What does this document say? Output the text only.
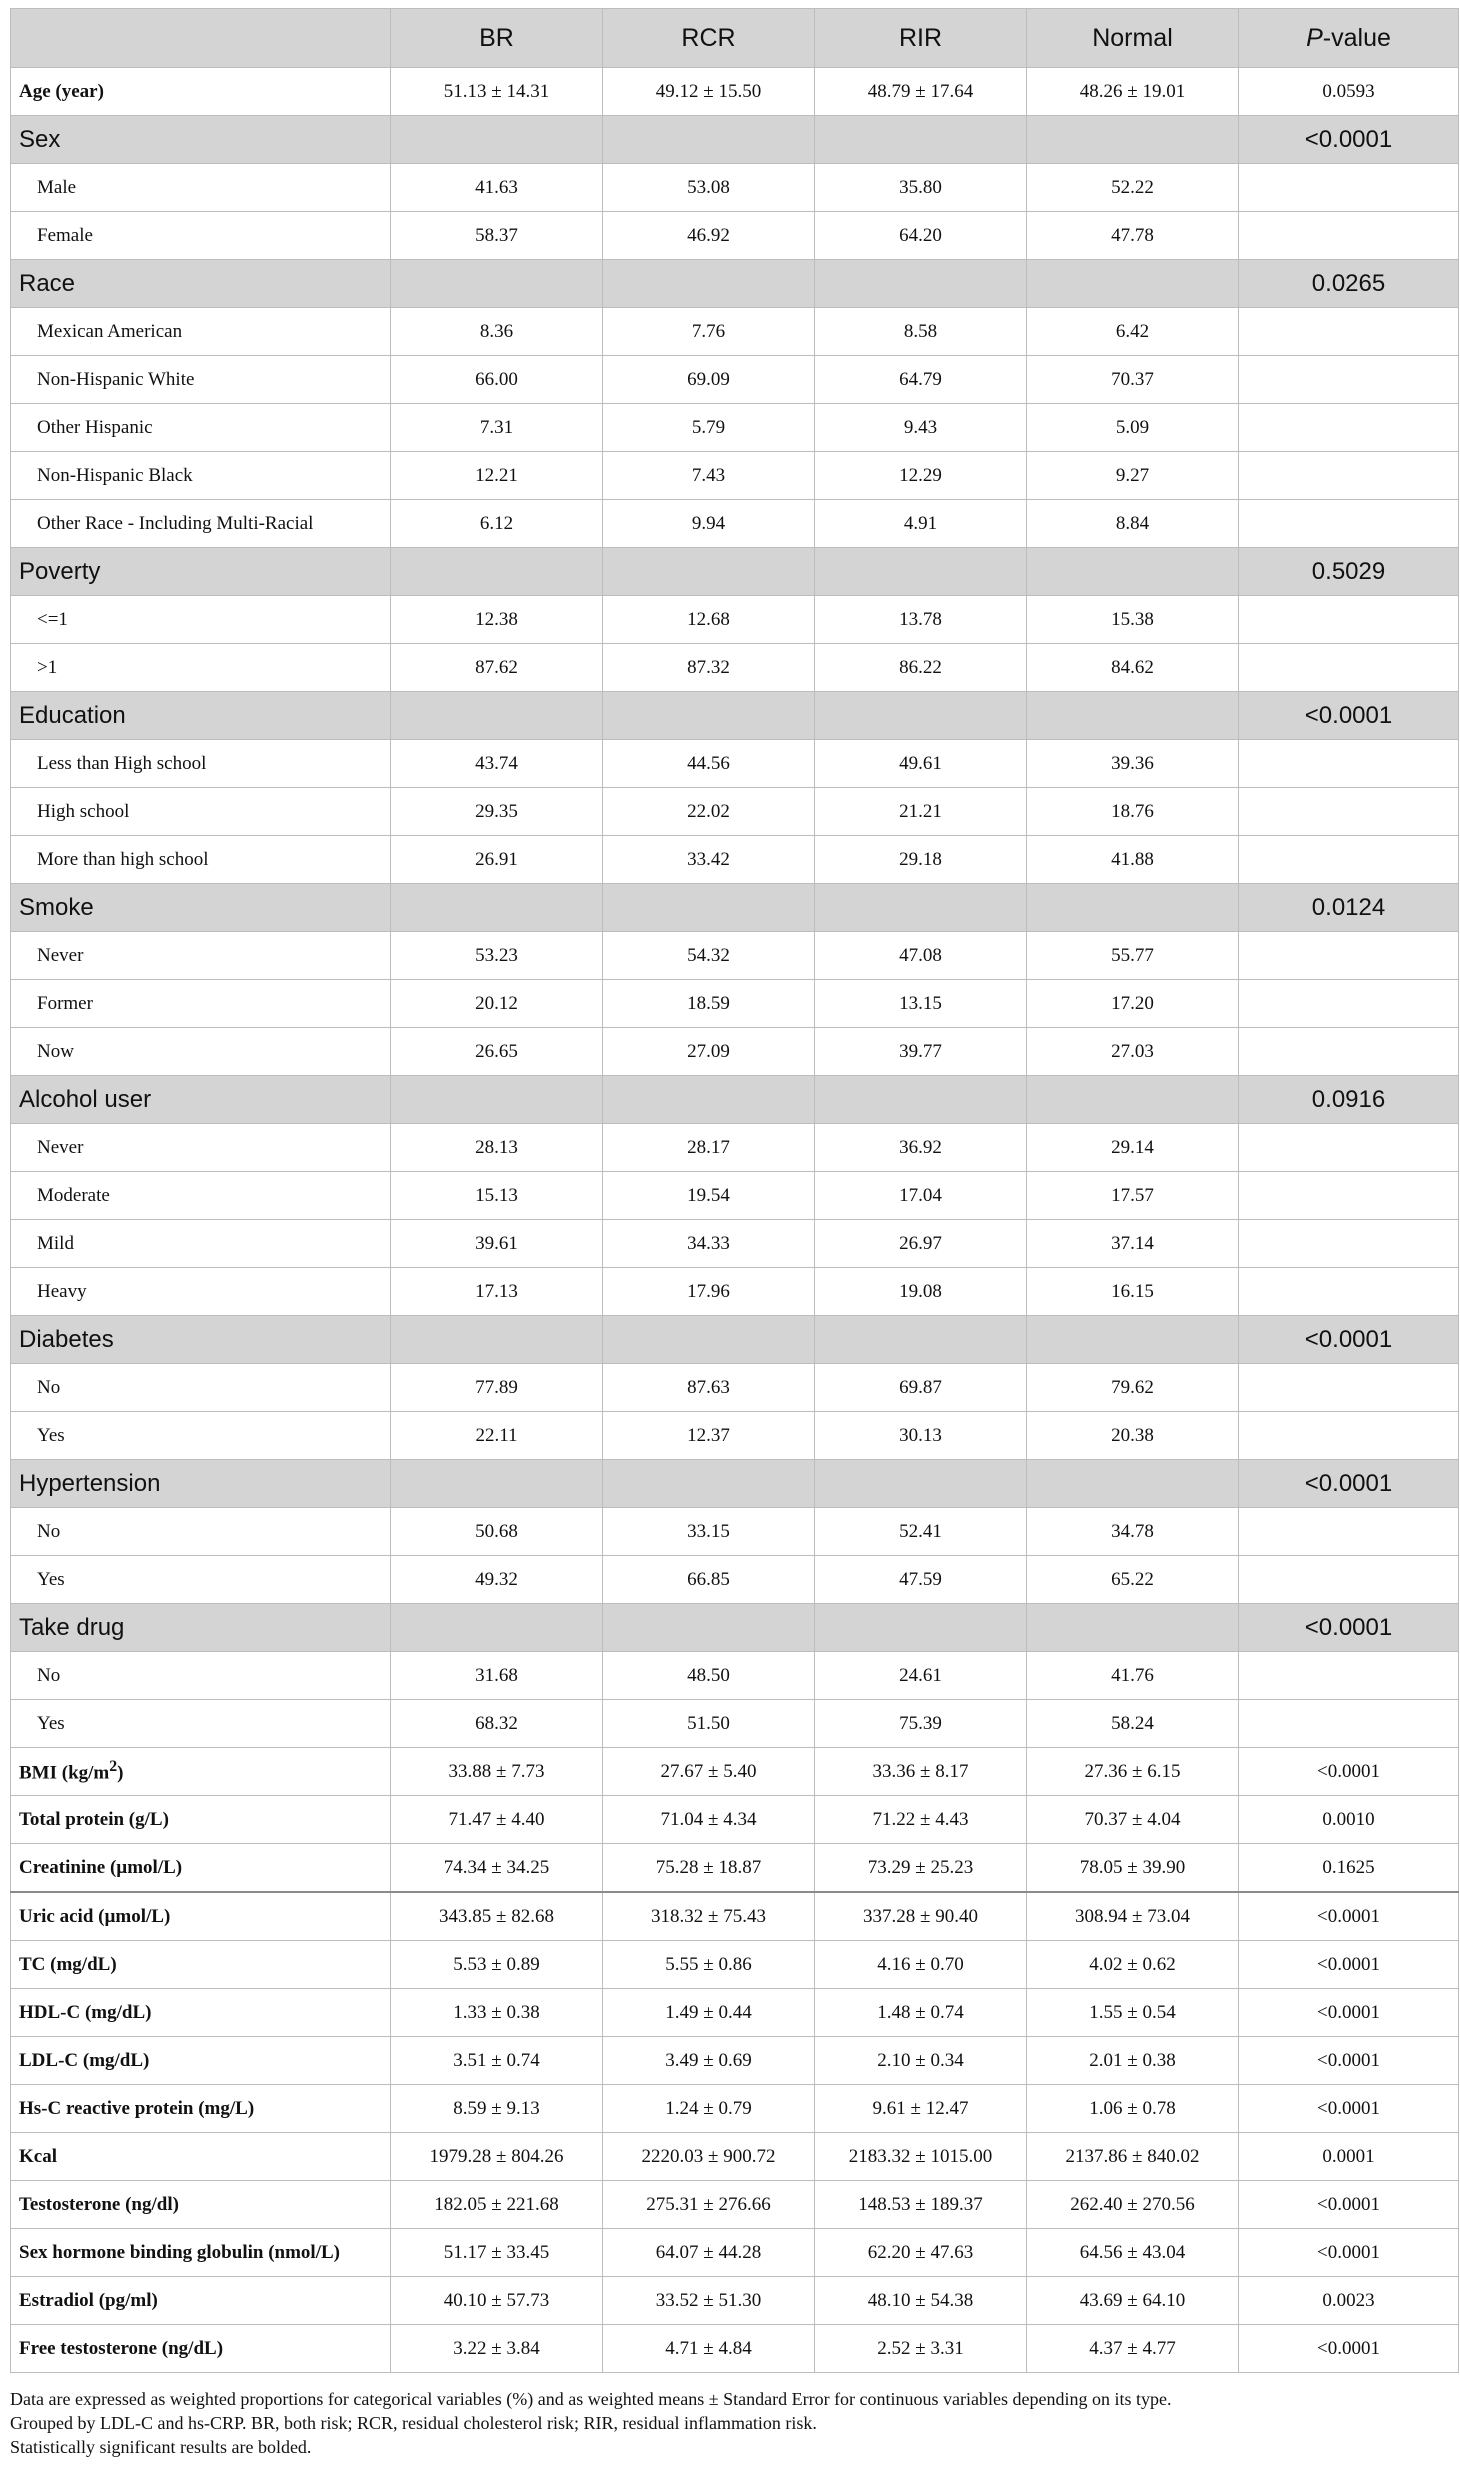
	BR	RCR	RIR	Normal	P-value
Age (year)	51.13 ± 14.31	49.12 ± 15.50	48.79 ± 17.64	48.26 ± 19.01	0.0593
Sex					<0.0001
Male	41.63	53.08	35.80	52.22	
Female	58.37	46.92	64.20	47.78	
Race					0.0265
Mexican American	8.36	7.76	8.58	6.42	
Non-Hispanic White	66.00	69.09	64.79	70.37	
Other Hispanic	7.31	5.79	9.43	5.09	
Non-Hispanic Black	12.21	7.43	12.29	9.27	
Other Race - Including Multi-Racial	6.12	9.94	4.91	8.84	
Poverty					0.5029
<=1	12.38	12.68	13.78	15.38	
>1	87.62	87.32	86.22	84.62	
Education					<0.0001
Less than High school	43.74	44.56	49.61	39.36	
High school	29.35	22.02	21.21	18.76	
More than high school	26.91	33.42	29.18	41.88	
Smoke					0.0124
Never	53.23	54.32	47.08	55.77	
Former	20.12	18.59	13.15	17.20	
Now	26.65	27.09	39.77	27.03	
Alcohol user					0.0916
Never	28.13	28.17	36.92	29.14	
Moderate	15.13	19.54	17.04	17.57	
Mild	39.61	34.33	26.97	37.14	
Heavy	17.13	17.96	19.08	16.15	
Diabetes					<0.0001
No	77.89	87.63	69.87	79.62	
Yes	22.11	12.37	30.13	20.38	
Hypertension					<0.0001
No	50.68	33.15	52.41	34.78	
Yes	49.32	66.85	47.59	65.22	
Take drug					<0.0001
No	31.68	48.50	24.61	41.76	
Yes	68.32	51.50	75.39	58.24	
BMI $(kg/m^2)$	33.88 ± 7.73	27.67 ± 5.40	33.36 ± 8.17	27.36 ± 6.15	<0.0001
Total protein (g/L)	71.47 ± 4.40	71.04 ± 4.34	71.22 ± 4.43	70.37 ± 4.04	0.0010
Creatinine (µmol/L)	74.34 ± 34.25	75.28 ± 18.87	73.29 ± 25.23	78.05 ± 39.90	0.1625
Uric acid (µmol/L)	343.85 ± 82.68	318.32 ± 75.43	337.28 ± 90.40	308.94 ± 73.04	<0.0001
TC (mg/dL)	5.53 ± 0.89	5.55 ± 0.86	4.16 ± 0.70	4.02 ± 0.62	<0.0001
HDL-C (mg/dL)	1.33 ± 0.38	1.49 ± 0.44	1.48 ± 0.74	1.55 ± 0.54	<0.0001
LDL-C (mg/dL)	3.51 ± 0.74	3.49 ± 0.69	2.10 ± 0.34	2.01 ± 0.38	<0.0001
Hs-C reactive protein (mg/L)	8.59 ± 9.13	1.24 ± 0.79	9.61 ± 12.47	1.06 ± 0.78	<0.0001
Kcal	1979.28 ± 804.26	2220.03 ± 900.72	2183.32 ± 1015.00	2137.86 ± 840.02	0.0001
Testosterone (ng/dl)	182.05 ± 221.68	275.31 ± 276.66	148.53 ± 189.37	262.40 ± 270.56	<0.0001
Sex hormone binding globulin (nmol/L)	51.17 ± 33.45	64.07 ± 44.28	62.20 ± 47.63	64.56 ± 43.04	<0.0001
Estradiol (pg/ml)	40.10 ± 57.73	33.52 ± 51.30	48.10 ± 54.38	43.69 ± 64.10	0.0023
Free testosterone (ng/dL)	3.22 ± 3.84	4.71 ± 4.84	2.52 ± 3.31	4.37 ± 4.77	<0.0001
Data are expressed as weighted proportions for categorical variables (%) and as weighted means ± Standard Error for continuous variables depending on its type.
Grouped by LDL-C and hs-CRP. BR, both risk; RCR, residual cholesterol risk; RIR, residual inflammation risk.
Statistically significant results are bolded.
